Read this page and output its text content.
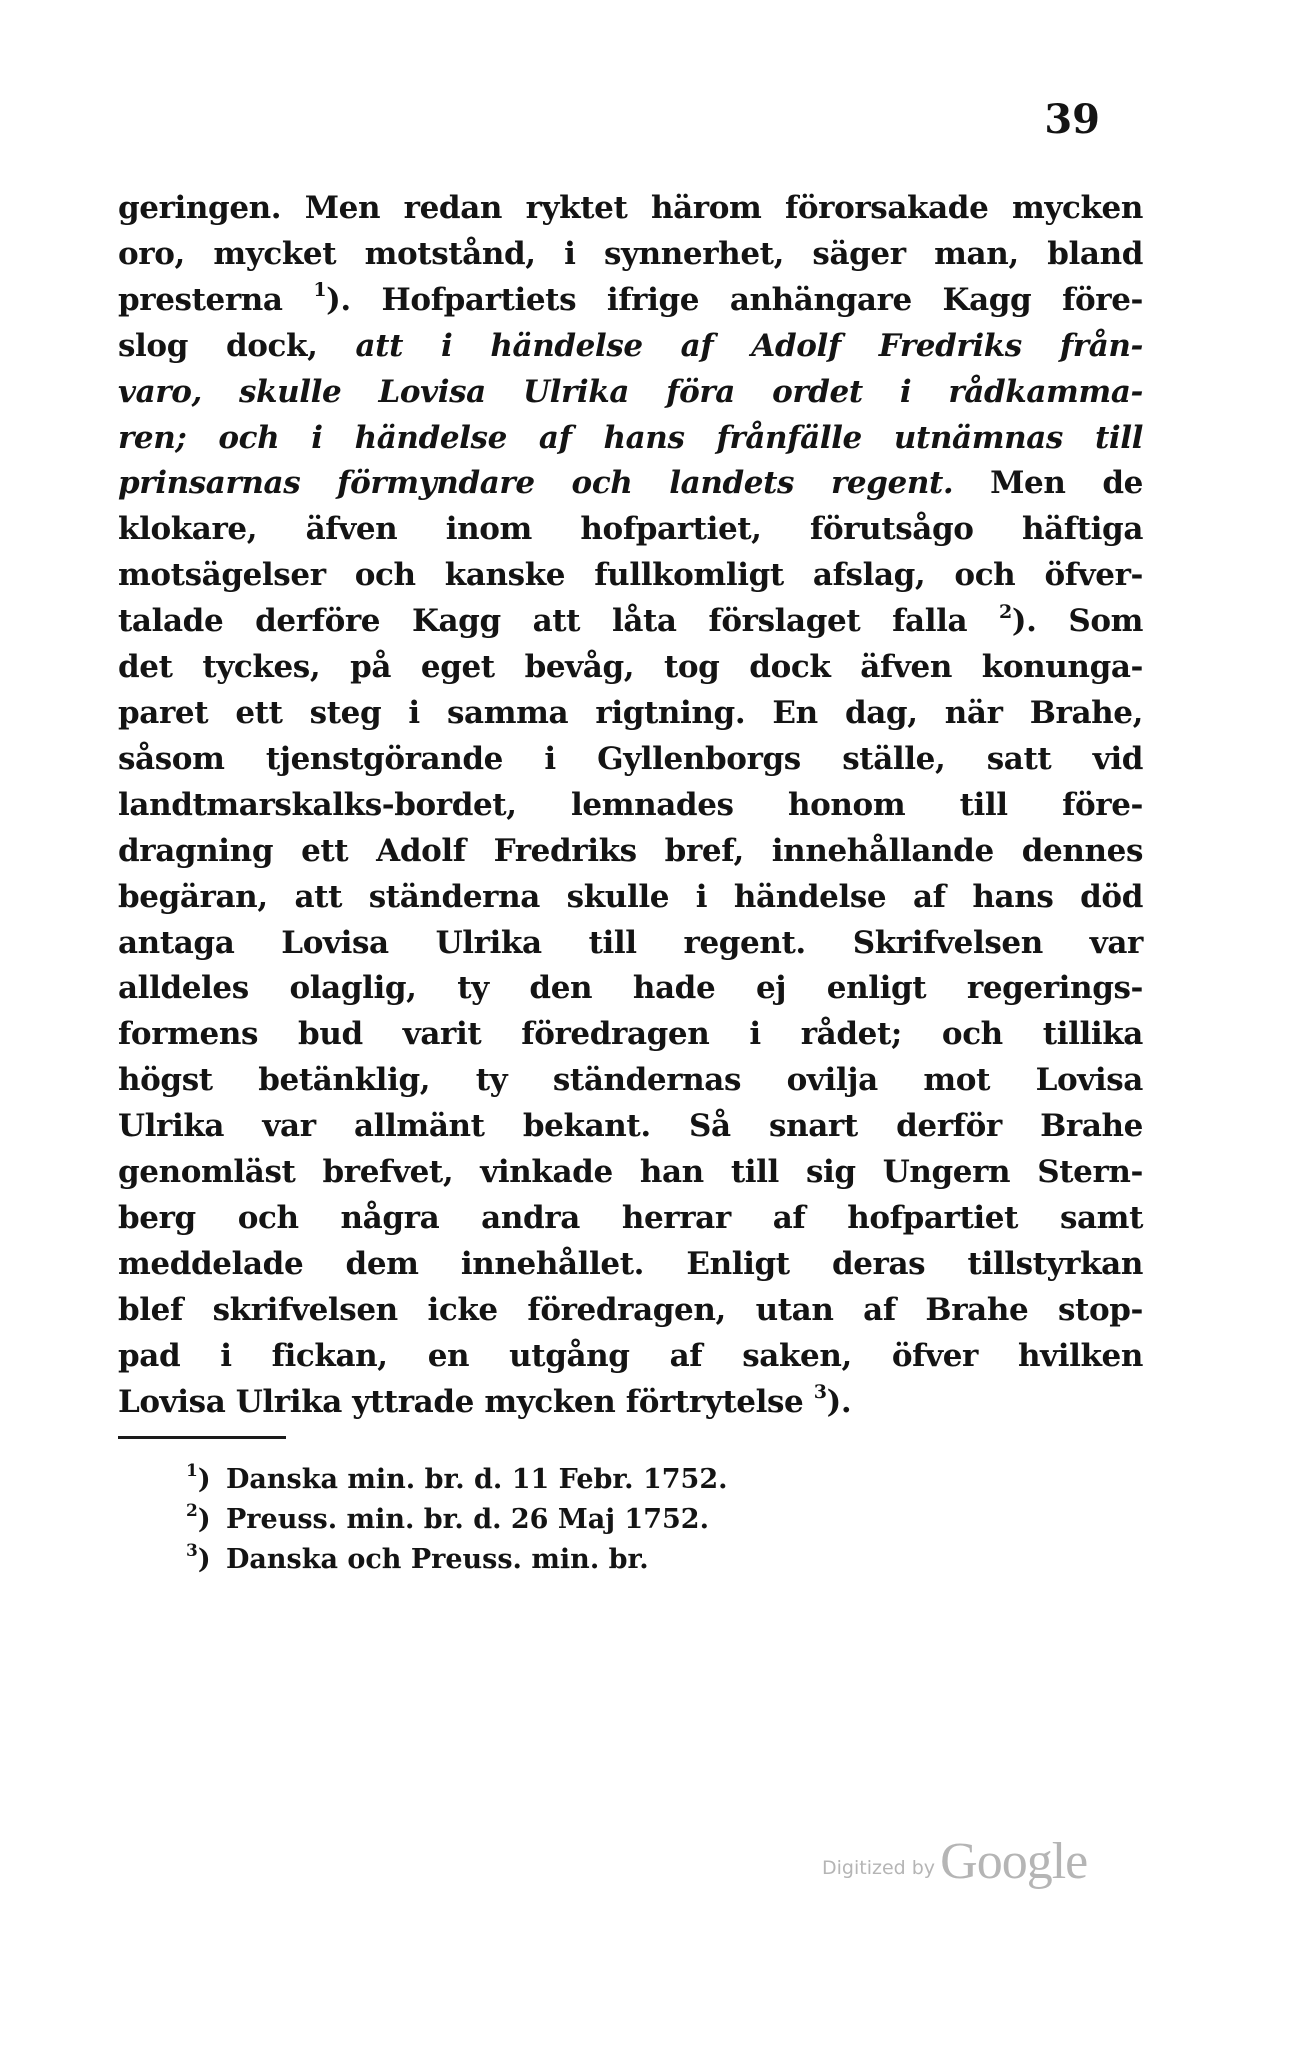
39
geringen. Men redan ryktet härom förorsakade mycken
oro, mycket motstånd, i synnerhet, säger man, bland
presterna $^1$). Hofpartiets ifrige anhängare Kagg före-
slog dock, att i händelse af Adolf Fredriks från-
varo, skulle Lovisa Ulrika föra ordet i rådkamma-
ren; och i händelse af hans frånfälle utnämnas till
prinsarnas förmyndare och landets regent. Men de
klokare, äfven inom hofpartiet, förutsågo häftiga
motsägelser och kanske fullkomligt afslag, och öfver-
talade derföre Kagg att låta förslaget falla $^2$). Som
det tyckes, på eget bevåg, tog dock äfven konunga-
paret ett steg i samma rigtning. En dag, när Brahe,
såsom tjenstgörande i Gyllenborgs ställe, satt vid
landtmarskalks-bordet, lemnades honom till före-
dragning ett Adolf Fredriks bref, innehållande dennes
begäran, att ständerna skulle i händelse af hans död
antaga Lovisa Ulrika till regent. Skrifvelsen var
alldeles olaglig, ty den hade ej enligt regerings-
formens bud varit föredragen i rådet; och tillika
högst betänklig, ty ständernas ovilja mot Lovisa
Ulrika var allmänt bekant. Så snart derför Brahe
genomläst brefvet, vinkade han till sig Ungern Stern-
berg och några andra herrar af hofpartiet samt
meddelade dem innehållet. Enligt deras tillstyrkan
blef skrifvelsen icke föredragen, utan af Brahe stop-
pad i fickan, en utgång af saken, öfver hvilken
Lovisa Ulrika yttrade mycken förtrytelse $^3$).
$^1$) Danska min. br. d. 11 Febr. 1752.
$^2$) Preuss. min. br. d. 26 Maj 1752.
$^3$) Danska och Preuss. min. br.
Digitized by Google
